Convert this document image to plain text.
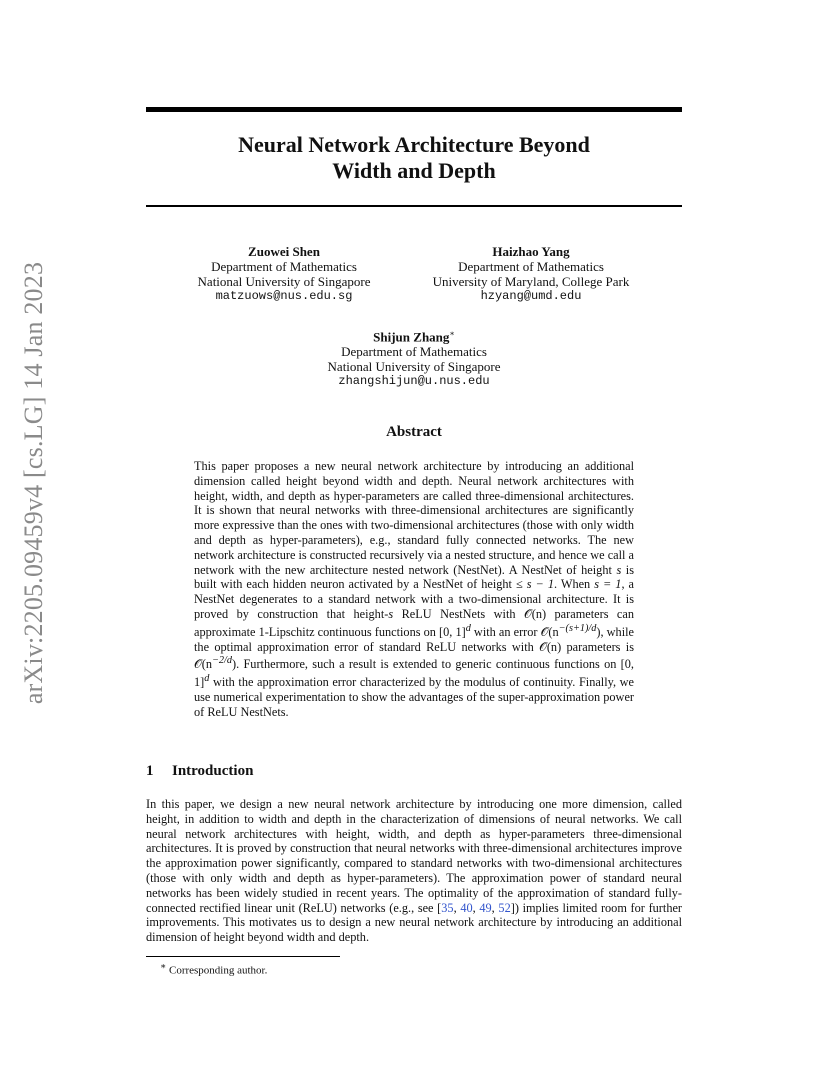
arXiv:2205.09459v4 [cs.LG] 14 Jan 2023
Neural Network Architecture Beyond
Width and Depth
Zuowei Shen
Department of Mathematics
National University of Singapore
matzuows@nus.edu.sg
Haizhao Yang
Department of Mathematics
University of Maryland, College Park
hzyang@umd.edu
Shijun Zhang∗
Department of Mathematics
National University of Singapore
zhangshijun@u.nus.edu
Abstract
This paper proposes a new neural network architecture by introducing an additional dimension called height beyond width and depth. Neural network architectures with height, width, and depth as hyper-parameters are called three-dimensional architectures. It is shown that neural networks with three-dimensional architectures are significantly more expressive than the ones with two-dimensional architectures (those with only width and depth as hyper-parameters), e.g., standard fully connected networks. The new network architecture is constructed recursively via a nested structure, and hence we call a network with the new architecture nested network (NestNet). A NestNet of height s is built with each hidden neuron activated by a NestNet of height ≤ s − 1. When s = 1, a NestNet degenerates to a standard network with a two-dimensional architecture. It is proved by construction that height-s ReLU NestNets with 𝒪(n) parameters can approximate 1-Lipschitz continuous functions on [0, 1]$^d$ with an error $𝒪(n^{-(s+1)/d})$, while the optimal approximation error of standard ReLU networks with 𝒪(n) parameters is $𝒪(n^{-2/d})$. Furthermore, such a result is extended to generic continuous functions on [0, 1]$^d$ with the approximation error characterized by the modulus of continuity. Finally, we use numerical experimentation to show the advantages of the super-approximation power of ReLU NestNets.
1 Introduction
In this paper, we design a new neural network architecture by introducing one more dimension, called height, in addition to width and depth in the characterization of dimensions of neural networks. We call neural network architectures with height, width, and depth as hyper-parameters three-dimensional architectures. It is proved by construction that neural networks with three-dimensional architectures improve the approximation power significantly, compared to standard networks with two-dimensional architectures (those with only width and depth as hyper-parameters). The approximation power of standard neural networks has been widely studied in recent years. The optimality of the approximation of standard fully-connected rectified linear unit (ReLU) networks (e.g., see [35, 40, 49, 52]) implies limited room for further improvements. This motivates us to design a new neural network architecture by introducing an additional dimension of height beyond width and depth.
∗ Corresponding author.
